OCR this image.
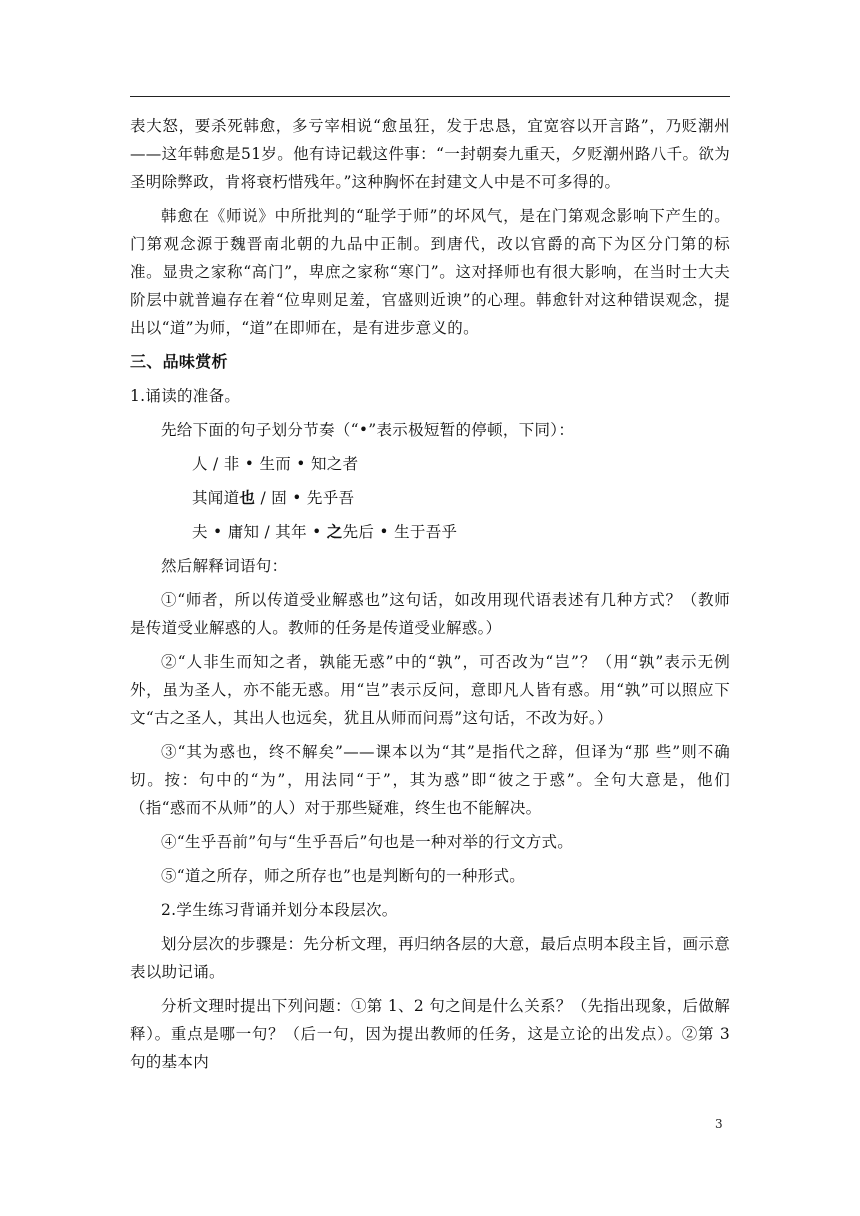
表大怒，要杀死韩愈，多亏宰相说“愈虽狂，发于忠恳，宜宽容以开言路”，乃贬潮州——这年韩愈是51岁。他有诗记载这件事：“一封朝奏九重天，夕贬潮州路八千。欲为圣明除弊政，肯将衰朽惜残年。”这种胸怀在封建文人中是不可多得的。

韩愈在《师说》中所批判的“耻学于师”的坏风气，是在门第观念影响下产生的。门第观念源于魏晋南北朝的九品中正制。到唐代，改以官爵的高下为区分门第的标准。显贵之家称“高门”，卑庶之家称“寒门”。这对择师也有很大影响，在当时士大夫阶层中就普遍存在着“位卑则足羞，官盛则近谀”的心理。韩愈针对这种错误观念，提出以“道”为师，“道”在即师在，是有进步意义的。

三、品味赏析

1.诵读的准备。

先给下面的句子划分节奏（“•”表示极短暂的停顿，下同）：

人 / 非 • 生而 • 知之者

其闻道也 / 固 • 先乎吾

夫 • 庸知 / 其年 • 之先后 • 生于吾乎

然后解释词语句：

①“师者，所以传道受业解惑也”这句话，如改用现代语表述有几种方式？（教师是传道受业解惑的人。教师的任务是传道受业解惑。）

②“人非生而知之者，孰能无惑”中的“孰”，可否改为“岂”？（用“孰”表示无例外，虽为圣人，亦不能无惑。用“岂”表示反问，意即凡人皆有惑。用“孰”可以照应下文“古之圣人，其出人也远矣，犹且从师而问焉”这句话，不改为好。）

③“其为惑也，终不解矣”——课本以为“其”是指代之辞，但译为“那 些”则不确切。按：句中的“为”，用法同“于”，其为惑”即“彼之于惑”。全句大意是，他们（指“惑而不从师”的人）对于那些疑难，终生也不能解决。

④“生乎吾前”句与“生乎吾后”句也是一种对举的行文方式。

⑤“道之所存，师之所存也”也是判断句的一种形式。

2.学生练习背诵并划分本段层次。

划分层次的步骤是：先分析文理，再归纳各层的大意，最后点明本段主旨，画示意表以助记诵。

分析文理时提出下列问题：①第 1、2 句之间是什么关系？（先指出现象，后做解释）。重点是哪一句？（后一句，因为提出教师的任务，这是立论的出发点）。②第 3 句的基本内

3
